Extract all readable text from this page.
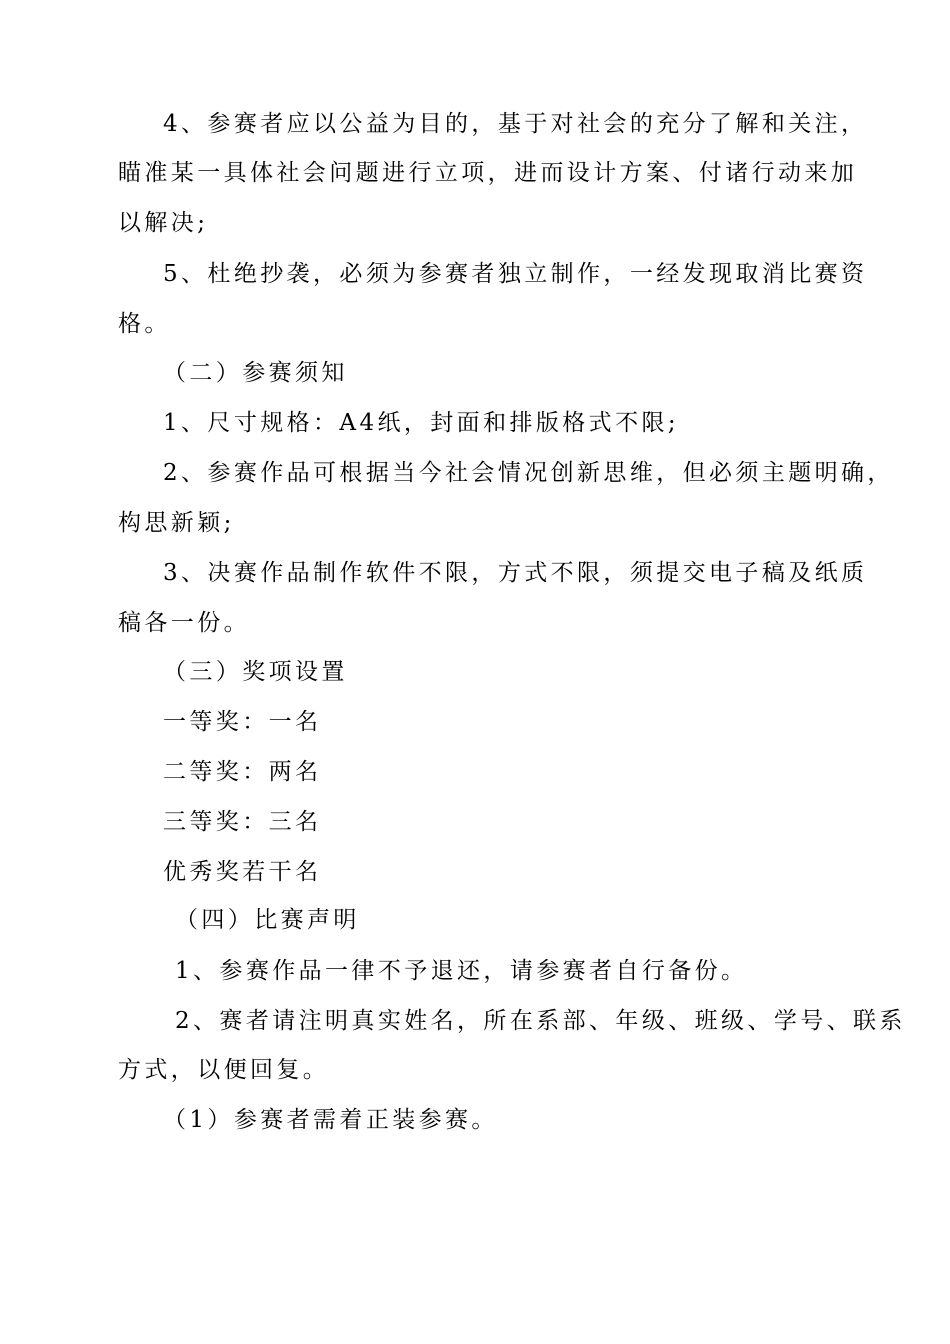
4、参赛者应以公益为目的，基于对社会的充分了解和关注，
瞄准某一具体社会问题进行立项，进而设计方案、付诸行动来加
以解决;
5、杜绝抄袭，必须为参赛者独立制作，一经发现取消比赛资
格。
（二）参赛须知
1、尺寸规格：A4纸，封面和排版格式不限;
2、参赛作品可根据当今社会情况创新思维，但必须主题明确，
构思新颖;
3、决赛作品制作软件不限，方式不限，须提交电子稿及纸质
稿各一份。
（三）奖项设置
一等奖：一名
二等奖：两名
三等奖：三名
优秀奖若干名
（四）比赛声明
1、参赛作品一律不予退还，请参赛者自行备份。
2、赛者请注明真实姓名，所在系部、年级、班级、学号、联系
方式，以便回复。
（1）参赛者需着正装参赛。
